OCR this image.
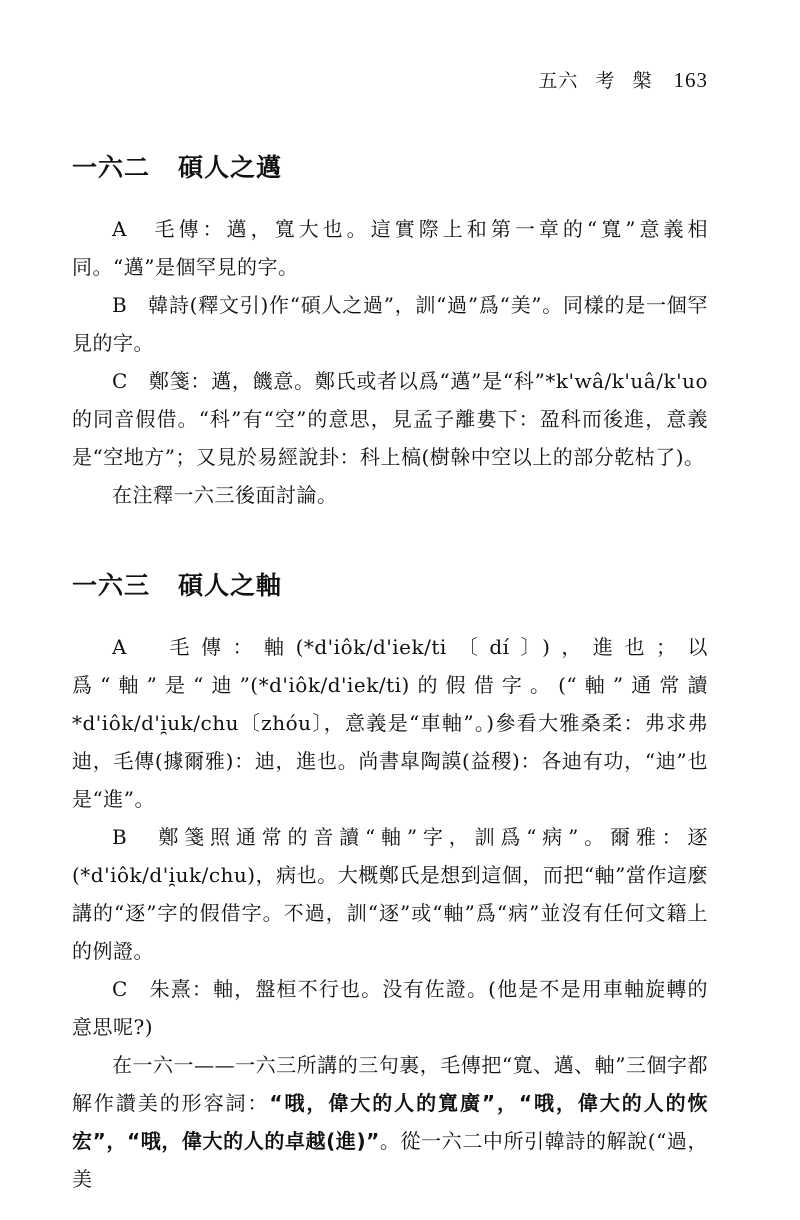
五六 考 槃 163
一六二 碩人之邁

A　毛傳：邁，寬大也。這實際上和第一章的“寬”意義相同。“邁”是個罕見的字。

B　韓詩(釋文引)作“碩人之過”，訓“過”爲“美”。同樣的是一個罕見的字。

C　鄭箋：邁，饑意。鄭氏或者以爲“邁”是“科”*k'wâ/k'uâ/k'uo的同音假借。“科”有“空”的意思，見孟子離婁下：盈科而後進，意義是“空地方”；又見於易經說卦：科上槁(樹榦中空以上的部分乾枯了)。

在注釋一六三後面討論。

一六三 碩人之軸

A　毛傳：軸(*d'iôk/d'iek/ti〔dí〕)，進也；以爲“軸”是“迪”(*d'iôk/d'iek/ti)的假借字。(“軸”通常讀*d'iôk/d'i̯uk/chu〔zhóu〕，意義是“車軸”。)參看大雅桑柔：弗求弗迪，毛傳(據爾雅)：迪，進也。尚書皐陶謨(益稷)：各迪有功，“迪”也是“進”。

B　鄭箋照通常的音讀“軸”字，訓爲“病”。爾雅：逐(*d'iôk/d'i̯uk/chu)，病也。大概鄭氏是想到這個，而把“軸”當作這麼講的“逐”字的假借字。不過，訓“逐”或“軸”爲“病”並沒有任何文籍上的例證。

C　朱熹：軸，盤桓不行也。没有佐證。(他是不是用車軸旋轉的意思呢?)

在一六一——一六三所講的三句裏，毛傳把“寬、邁、軸”三個字都解作讚美的形容詞：“哦，偉大的人的寬廣”，“哦，偉大的人的恢宏”，“哦，偉大的人的卓越(進)”。從一六二中所引韓詩的解說(“過，美
